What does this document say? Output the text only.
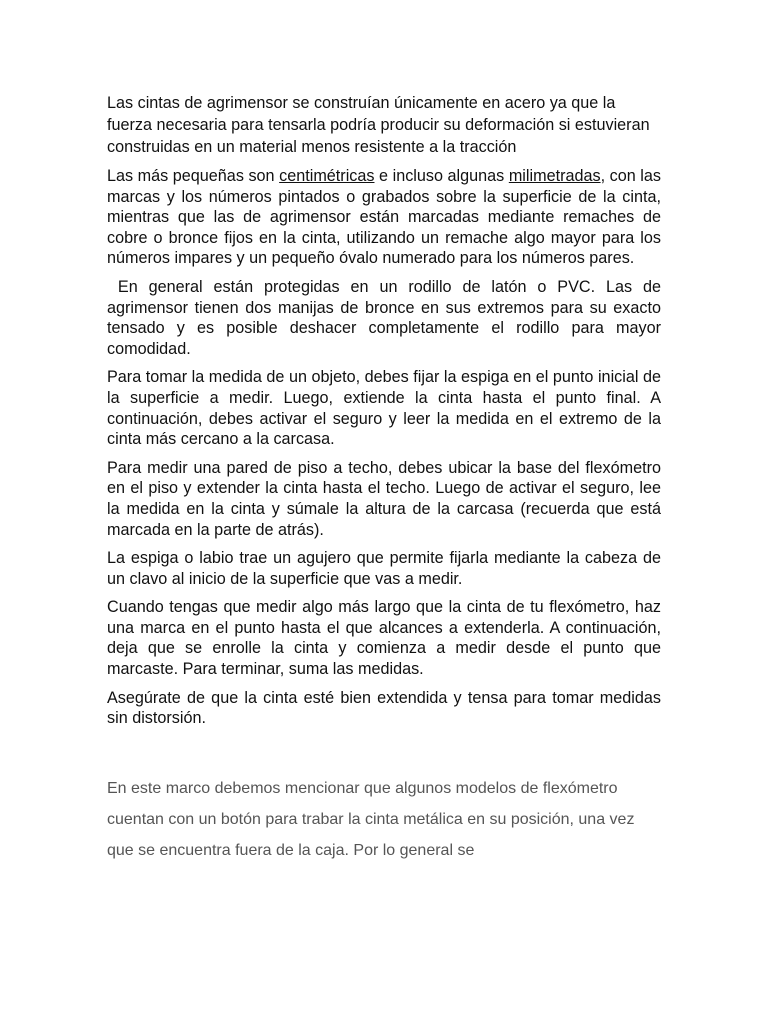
Las cintas de agrimensor se construían únicamente en acero ya que la fuerza necesaria para tensarla podría producir su deformación si estuvieran construidas en un material menos resistente a la tracción

Las más pequeñas son centimétricas e incluso algunas milimetradas, con las marcas y los números pintados o grabados sobre la superficie de la cinta, mientras que las de agrimensor están marcadas mediante remaches de cobre o bronce fijos en la cinta, utilizando un remache algo mayor para los números impares y un pequeño óvalo numerado para los números pares.

En general están protegidas en un rodillo de latón o PVC. Las de agrimensor tienen dos manijas de bronce en sus extremos para su exacto tensado y es posible deshacer completamente el rodillo para mayor comodidad.

Para tomar la medida de un objeto, debes fijar la espiga en el punto inicial de la superficie a medir. Luego, extiende la cinta hasta el punto final. A continuación, debes activar el seguro y leer la medida en el extremo de la cinta más cercano a la carcasa.

Para medir una pared de piso a techo, debes ubicar la base del flexómetro en el piso y extender la cinta hasta el techo. Luego de activar el seguro, lee la medida en la cinta y súmale la altura de la carcasa (recuerda que está marcada en la parte de atrás).

La espiga o labio trae un agujero que permite fijarla mediante la cabeza de un clavo al inicio de la superficie que vas a medir.

Cuando tengas que medir algo más largo que la cinta de tu flexómetro, haz una marca en el punto hasta el que alcances a extenderla. A continuación, deja que se enrolle la cinta y comienza a medir desde el punto que marcaste. Para terminar, suma las medidas.

Asegúrate de que la cinta esté bien extendida y tensa para tomar medidas sin distorsión.

En este marco debemos mencionar que algunos modelos de flexómetro cuentan con un botón para trabar la cinta metálica en su posición, una vez que se encuentra fuera de la caja. Por lo general se
